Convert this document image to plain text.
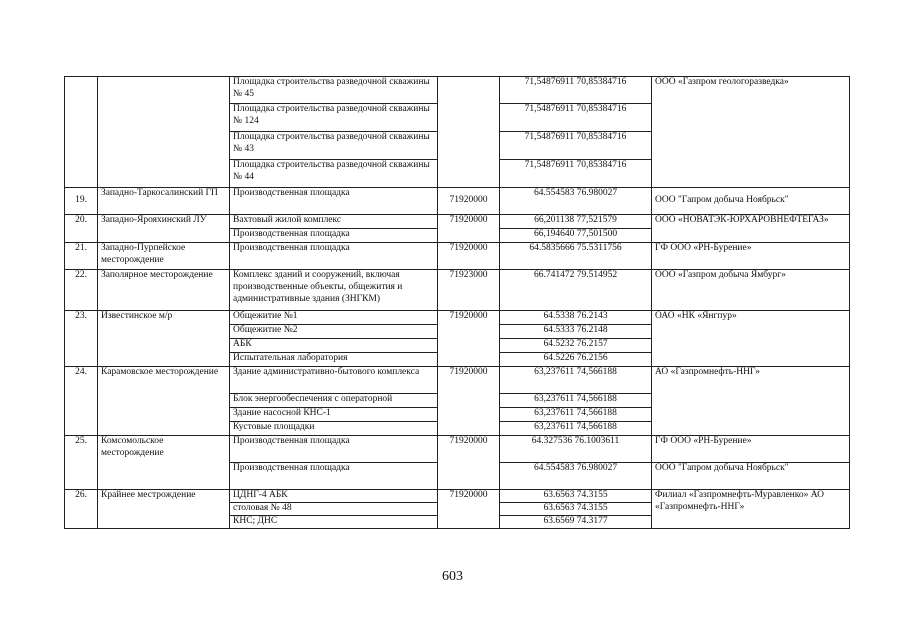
		Площадка строительства разведочной скважины № 45		71,54876911 70,85384716	ООО «Газпром геологоразведка»
		Площадка строительства разведочной скважины № 124		71,54876911 70,85384716	
		Площадка строительства разведочной скважины № 43		71,54876911 70,85384716	
		Площадка строительства разведочной скважины № 44		71,54876911 70,85384716	
19.	Западно-Таркосалинский ГП	Производственная площадка	71920000	64.554583 76.980027	ООО "Гапром добыча Ноябрьск"
20.	Западно-Ярояхинский ЛУ	Вахтовый жилой комплекс	71920000	66,201138 77,521579	ООО «НОВАТЭК-ЮРХАРОВНЕФТЕГАЗ»
		Производственная площадка		66,194640 77,501500	
21.	Западно-Пурпейское месторождение	Производственная площадка	71920000	64.5835666 75.5311756	ГФ ООО «РН-Бурение»
22.	Заполярное месторождение	Комплекс зданий и сооружений, включая производственные объекты, общежития и административные здания (ЗНГКМ)	71923000	66.741472 79.514952	ООО «Газпром добыча Ямбург»
23.	Известинское м/р	Общежитие №1	71920000	64.5338 76.2143	ОАО «НК «Янгпур»
		Общежитие №2		64.5333 76.2148	
		АБК		64.5232 76.2157	
		Испытательная лаборатория		64.5226 76.2156	
24.	Карамовское месторождение	Здание административно-бытового комплекса	71920000	63,237611 74,566188	АО «Газпромнефть-ННГ»
		Блок энергообеспечения с операторной		63,237611 74,566188	
		Здание насосной КНС-1		63,237611 74,566188	
		Кустовые площадки		63,237611 74,566188	
25.	Комсомольское месторождение	Производственная площадка	71920000	64.327536 76.1003611	ГФ ООО «РН-Бурение»
		Производственная площадка		64.554583 76.980027	ООО "Гапром добыча Ноябрьск"
26.	Крайнее местрождение	ЦДНГ-4 АБК	71920000	63.6563 74.3155	Филиал «Газпромнефть-Муравленко» АО «Газпромнефть-ННГ»
		столовая № 48		63.6563 74.3155	
		КНС; ДНС		63.6569 74.3177	
603
